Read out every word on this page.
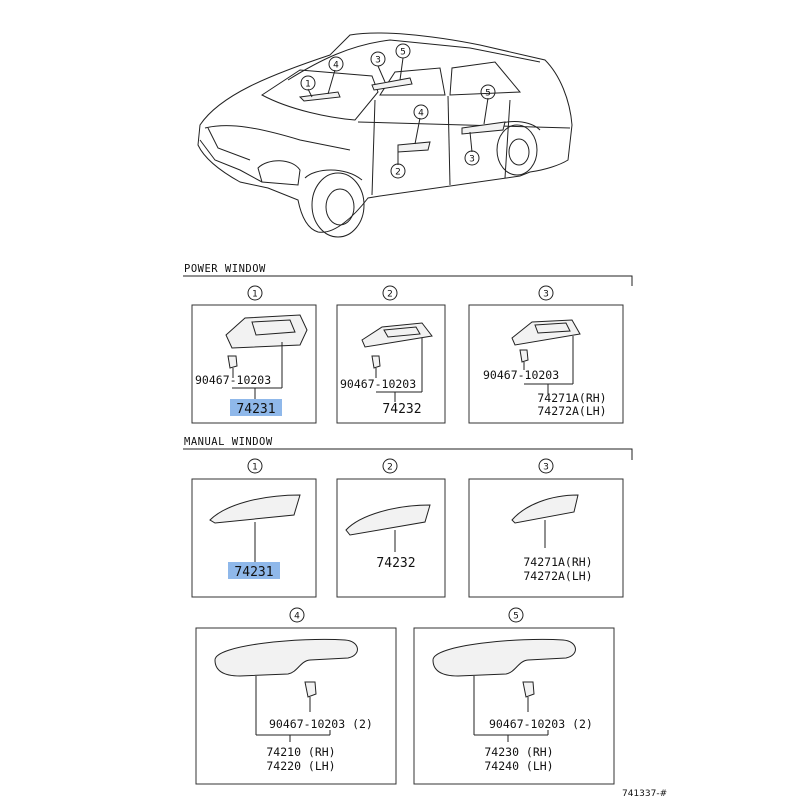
1
4	3
5
4
5
2
3
POWER WINDOW
1
90467-10203
74231
2
90467-10203
74232
3
90467-10203
74271A(RH)
74272A(LH)
MANUAL WINDOW
1
74231
2
74232
3
74271A(RH)
74272A(LH)
4
90467-10203 (2)
74210 (RH)
74220 (LH)
5
90467-10203 (2)
74230 (RH)
74240 (LH)
741337-#
